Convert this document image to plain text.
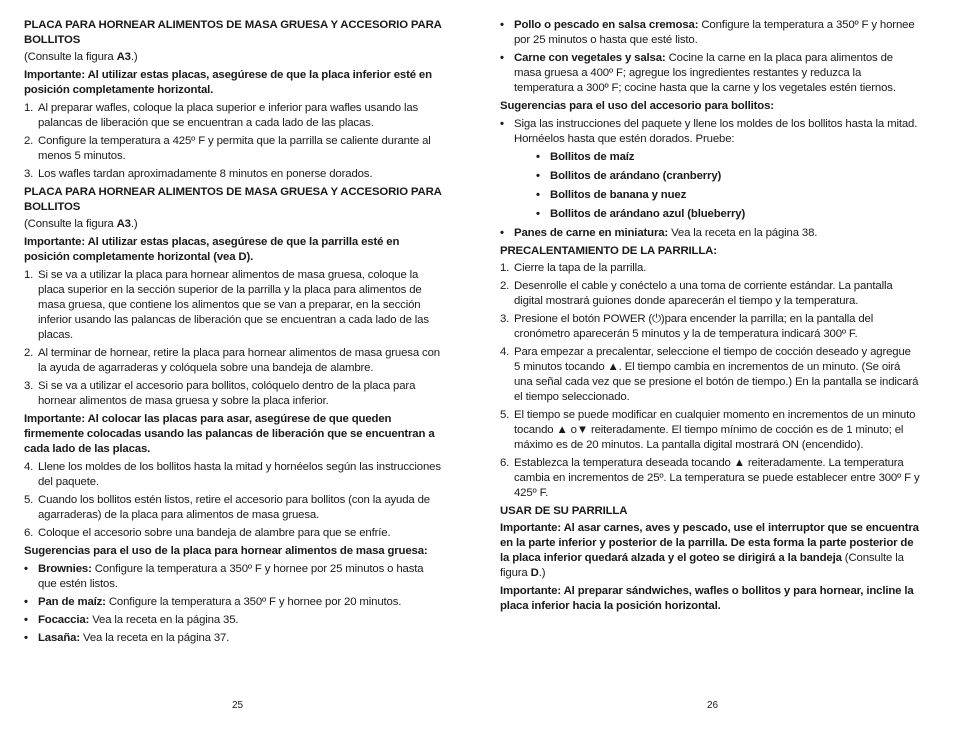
PLACA PARA HORNEAR ALIMENTOS DE MASA GRUESA Y ACCESORIO PARA BOLLITOS
(Consulte la figura A3.)
Importante: Al utilizar estas placas, asegúrese de que la placa inferior esté en posición completamente horizontal.
1. Al preparar wafles, coloque la placa superior e inferior para wafles usando las palancas de liberación que se encuentran a cada lado de las placas.
2. Configure la temperatura a 425º F y permita que la parrilla se caliente durante al menos 5 minutos.
3. Los wafles tardan aproximadamente 8 minutos en ponerse dorados.
PLACA PARA HORNEAR ALIMENTOS DE MASA GRUESA Y ACCESORIO PARA BOLLITOS
(Consulte la figura A3.)
Importante: Al utilizar estas placas, asegúrese de que la parrilla esté en posición completamente horizontal (vea D).
1. Si se va a utilizar la placa para hornear alimentos de masa gruesa, coloque la placa superior en la sección superior de la parrilla y la placa para alimentos de masa gruesa, que contiene los alimentos que se van a preparar, en la sección inferior usando las palancas de liberación que se encuentran a cada lado de las placas.
2. Al terminar de hornear, retire la placa para hornear alimentos de masa gruesa con la ayuda de agarraderas y colóquela sobre una bandeja de alambre.
3. Si se va a utilizar el accesorio para bollitos, colóquelo dentro de la placa para hornear alimentos de masa gruesa y sobre la placa inferior.
Importante: Al colocar las placas para asar, asegúrese de que queden firmemente colocadas usando las palancas de liberación que se encuentran a cada lado de las placas.
4. Llene los moldes de los bollitos hasta la mitad y hornéelos según las instrucciones del paquete.
5. Cuando los bollitos estén listos, retire el accesorio para bollitos (con la ayuda de agarraderas) de la placa para alimentos de masa gruesa.
6. Coloque el accesorio sobre una bandeja de alambre para que se enfríe.
Sugerencias para el uso de la placa para hornear alimentos de masa gruesa:
• Brownies: Configure la temperatura a 350º F y hornee por 25 minutos o hasta que estén listos.
• Pan de maíz: Configure la temperatura a 350º F y hornee por 20 minutos.
• Focaccia: Vea la receta en la página 35.
• Lasaña: Vea la receta en la página 37.
25
• Pollo o pescado en salsa cremosa: Configure la temperatura a 350º F y hornee por 25 minutos o hasta que esté listo.
• Carne con vegetales y salsa: Cocine la carne en la placa para alimentos de masa gruesa a 400º F; agregue los ingredientes restantes y reduzca la temperatura a 300º F; cocine hasta que la carne y los vegetales estén tiernos.
Sugerencias para el uso del accesorio para bollitos:
• Siga las instrucciones del paquete y llene los moldes de los bollitos hasta la mitad. Hornéelos hasta que estén dorados. Pruebe:
• Bollitos de maíz
• Bollitos de arándano (cranberry)
• Bollitos de banana y nuez
• Bollitos de arándano azul (blueberry)
• Panes de carne en miniatura: Vea la receta en la página 38.
PRECALENTAMIENTO DE LA PARRILLA:
1. Cierre la tapa de la parrilla.
2. Desenrolle el cable y conéctelo a una toma de corriente estándar. La pantalla digital mostrará guiones donde aparecerán el tiempo y la temperatura.
3. Presione el botón POWER (⏻)para encender la parrilla; en la pantalla del cronómetro aparecerán 5 minutos y la de temperatura indicará 300º F.
4. Para empezar a precalentar, seleccione el tiempo de cocción deseado y agregue 5 minutos tocando ▲. El tiempo cambia en incrementos de un minuto. (Se oirá una señal cada vez que se presione el botón de tiempo.) En la pantalla se indicará el tiempo seleccionado.
5. El tiempo se puede modificar en cualquier momento en incrementos de un minuto tocando ▲ o▼ reiteradamente. El tiempo mínimo de cocción es de 1 minuto; el máximo es de 20 minutos. La pantalla digital mostrará ON (encendido).
6. Establezca la temperatura deseada tocando ▲ reiteradamente. La temperatura cambia en incrementos de 25º. La temperatura se puede establecer entre 300º F y 425º F.
USAR DE SU PARRILLA
Importante: Al asar carnes, aves y pescado, use el interruptor que se encuentra en la parte inferior y posterior de la parrilla. De esta forma la parte posterior de la placa inferior quedará alzada y el goteo se dirigirá a la bandeja (Consulte la figura D.)
Importante: Al preparar sándwiches, wafles o bollitos y para hornear, incline la placa inferior hacia la posición horizontal.
26
